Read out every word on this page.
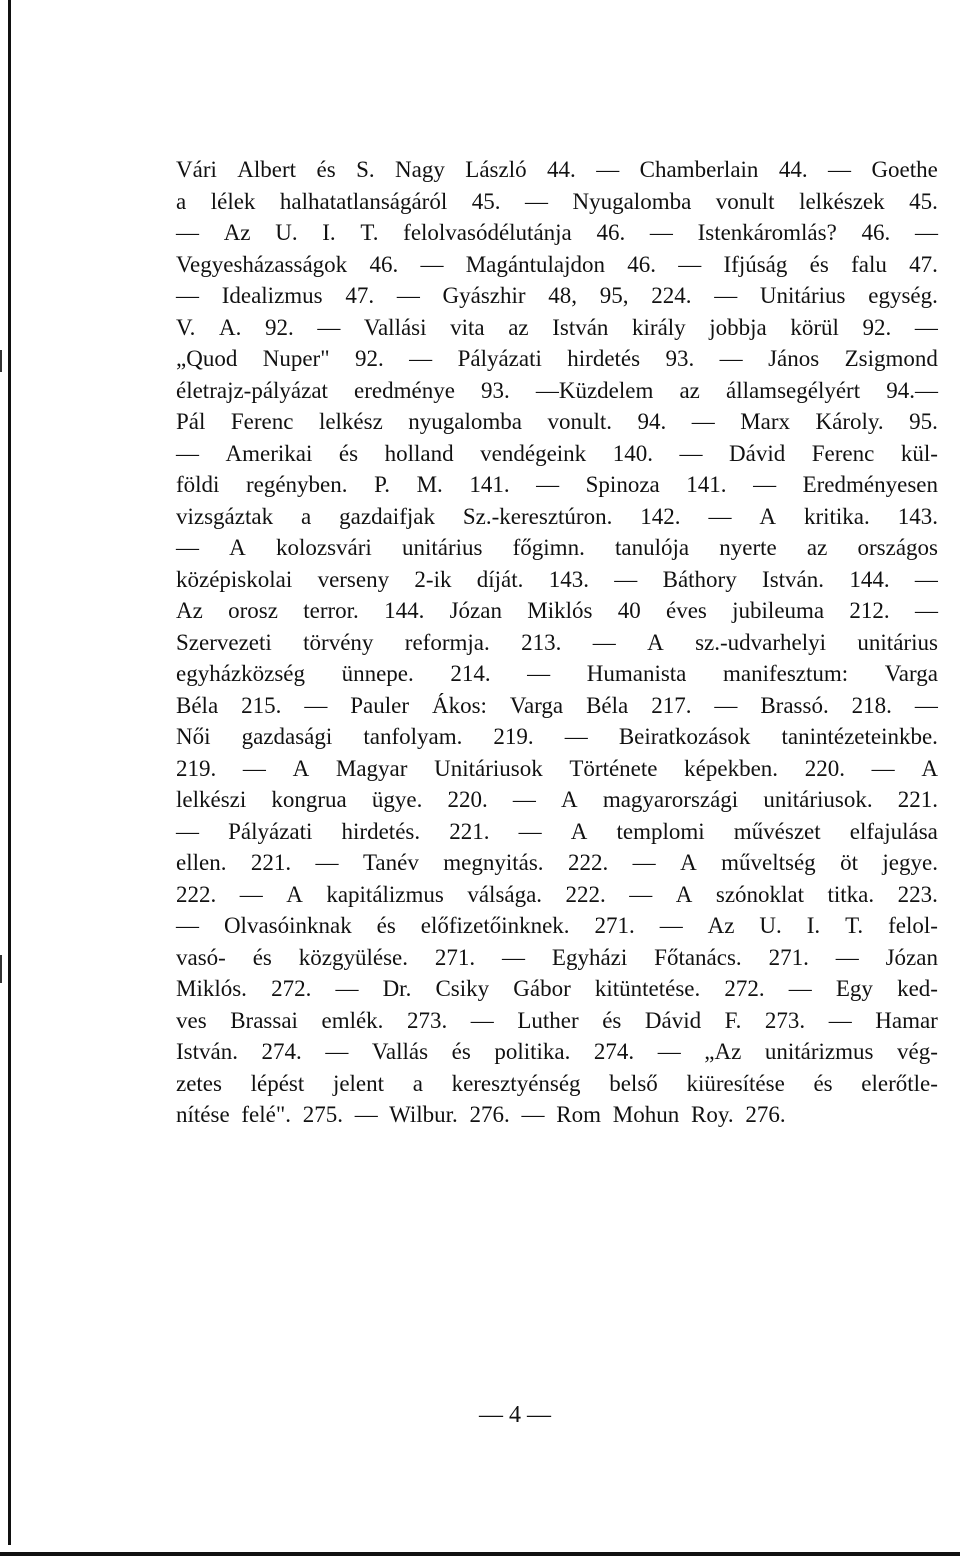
Vári Albert és S. Nagy László 44. — Chamberlain 44. — Goethe
a lélek halhatatlanságáról 45. — Nyugalomba vonult lelkészek 45.
— Az U. I. T. felolvasódélutánja 46. — Istenkáromlás? 46. —
Vegyesházasságok 46. — Magántulajdon 46. — Ifjúság és falu 47.
— Idealizmus 47. — Gyászhir 48, 95, 224. — Unitárius egység.
V. A. 92. — Vallási vita az István király jobbja körül 92. —
„Quod Nuper" 92. — Pályázati hirdetés 93. — János Zsigmond
életrajz-pályázat eredménye 93. —Küzdelem az államsegélyért 94.—
Pál Ferenc lelkész nyugalomba vonult. 94. — Marx Károly. 95.
— Amerikai és holland vendégeink 140. — Dávid Ferenc kül-
földi regényben. P. M. 141. — Spinoza 141. — Eredményesen
vizsgáztak a gazdaifjak Sz.-keresztúron. 142. — A kritika. 143.
— A kolozsvári unitárius főgimn. tanulója nyerte az országos
középiskolai verseny 2-ik díját. 143. — Báthory István. 144. —
Az orosz terror. 144. Józan Miklós 40 éves jubileuma 212. —
Szervezeti törvény reformja. 213. — A sz.-udvarhelyi unitárius
egyházközség ünnepe. 214. — Humanista manifesztum: Varga
Béla 215. — Pauler Ákos: Varga Béla 217. — Brassó. 218. —
Női gazdasági tanfolyam. 219. — Beiratkozások tanintézeteinkbe.
219. — A Magyar Unitáriusok Története képekben. 220. — A
lelkészi kongrua ügye. 220. — A magyarországi unitáriusok. 221.
— Pályázati hirdetés. 221. — A templomi művészet elfajulása
ellen. 221. — Tanév megnyitás. 222. — A műveltség öt jegye.
222. — A kapitálizmus válsága. 222. — A szónoklat titka. 223.
— Olvasóinknak és előfizetőinknek. 271. — Az U. I. T. felol-
vasó- és közgyülése. 271. — Egyházi Főtanács. 271. — Józan
Miklós. 272. — Dr. Csiky Gábor kitüntetése. 272. — Egy ked-
ves Brassai emlék. 273. — Luther és Dávid F. 273. — Hamar
István. 274. — Vallás és politika. 274. — „Az unitárizmus vég-
zetes lépést jelent a keresztyénség belső kiüresítése és elerőtle-
nítése felé". 275. — Wilbur. 276. — Rom Mohun Roy. 276.
— 4 —
